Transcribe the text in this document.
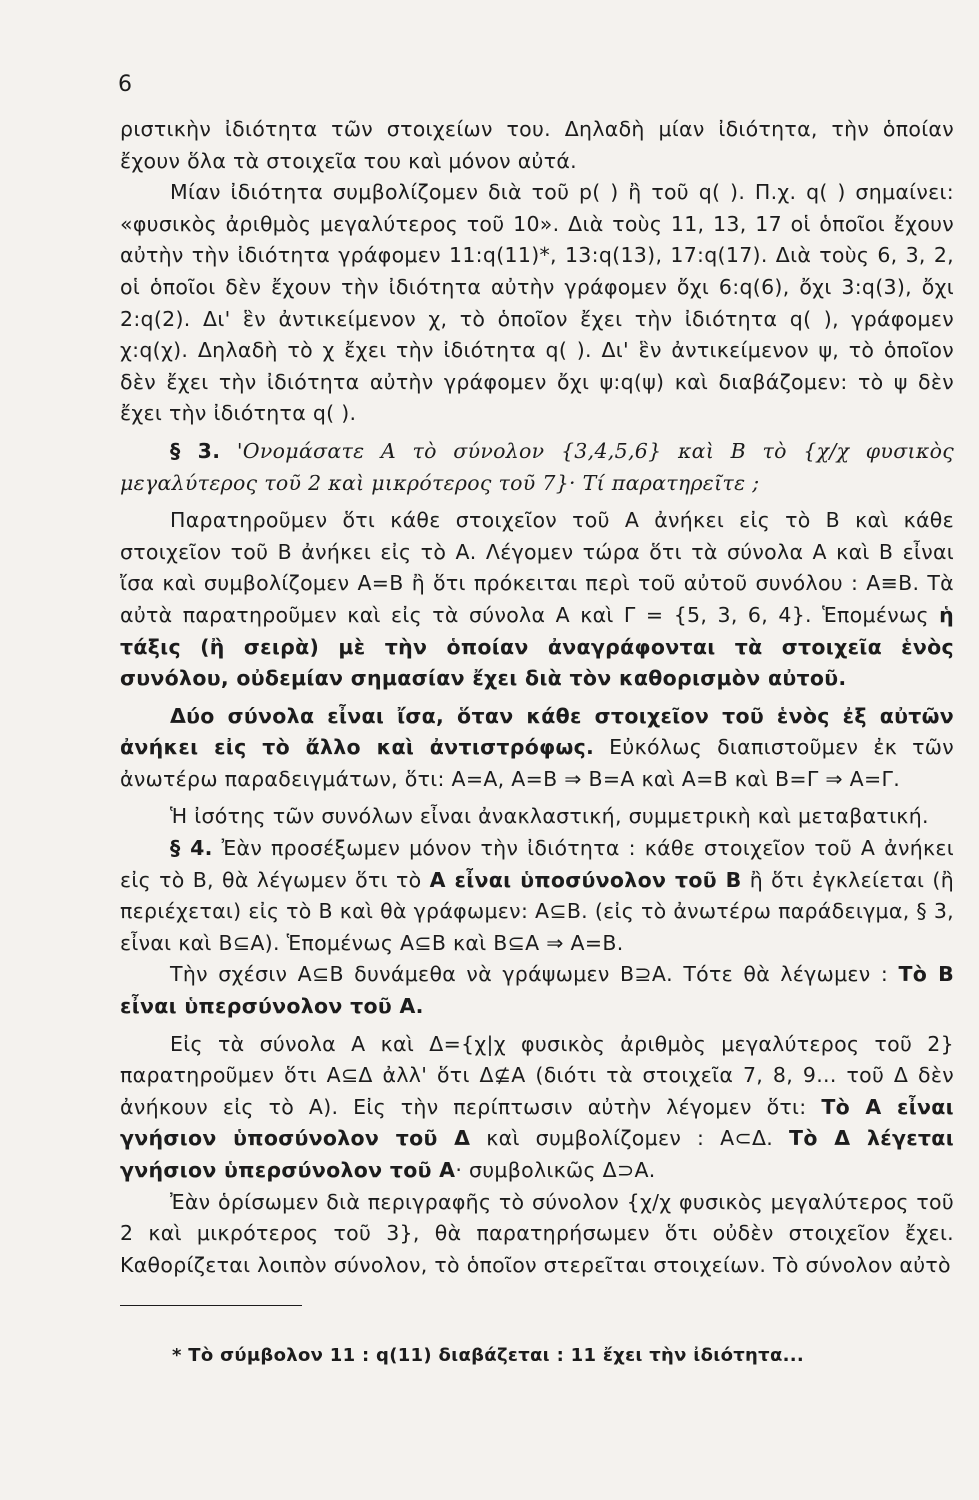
6

ριστικὴν ἰδιότητα τῶν στοιχείων του. Δηλαδὴ μίαν ἰδιότητα, τὴν ὁποίαν ἔχουν ὅλα τὰ στοιχεῖα του καὶ μόνον αὐτά.

Μίαν ἰδιότητα συμβολίζομεν διὰ τοῦ p( ) ἢ τοῦ q( ). Π.χ. q( ) σημαίνει: «φυσικὸς ἀριθμὸς μεγαλύτερος τοῦ 10». Διὰ τοὺς 11, 13, 17 οἱ ὁποῖοι ἔχουν αὐτὴν τὴν ἰδιότητα γράφομεν 11:q(11)*, 13:q(13), 17:q(17). Διὰ τοὺς 6, 3, 2, οἱ ὁποῖοι δὲν ἔχουν τὴν ἰδιότητα αὐτὴν γράφομεν ὄχι 6:q(6), ὄχι 3:q(3), ὄχι 2:q(2). Δι' ἓν ἀντικείμενον χ, τὸ ὁποῖον ἔχει τὴν ἰδιότητα q( ), γράφομεν χ:q(χ). Δηλαδὴ τὸ χ ἔχει τὴν ἰδιότητα q( ). Δι' ἓν ἀντικείμενον ψ, τὸ ὁποῖον δὲν ἔχει τὴν ἰδιότητα αὐτὴν γράφομεν ὄχι ψ:q(ψ) καὶ διαβάζομεν: τὸ ψ δὲν ἔχει τὴν ἰδιότητα q( ).

§ 3. 'Ονομάσατε Α τὸ σύνολον {3,4,5,6} καὶ Β τὸ {χ/χ φυσικὸς μεγαλύτερος τοῦ 2 καὶ μικρότερος τοῦ 7}· Τί παρατηρεῖτε ;

Παρατηροῦμεν ὅτι κάθε στοιχεῖον τοῦ Α ἀνήκει εἰς τὸ Β καὶ κάθε στοιχεῖον τοῦ Β ἀνήκει εἰς τὸ Α. Λέγομεν τώρα ὅτι τὰ σύνολα Α καὶ Β εἶναι ἴσα καὶ συμβολίζομεν Α=Β ἢ ὅτι πρόκειται περὶ τοῦ αὐτοῦ συνόλου : Α≡Β. Τὰ αὐτὰ παρατηροῦμεν καὶ εἰς τὰ σύνολα Α καὶ Γ = {5, 3, 6, 4}. Ἑπομένως ἡ τάξις (ἢ σειρὰ) μὲ τὴν ὁποίαν ἀναγράφονται τὰ στοιχεῖα ἑνὸς συνόλου, οὐδεμίαν σημασίαν ἔχει διὰ τὸν καθορισμὸν αὐτοῦ.

Δύο σύνολα εἶναι ἴσα, ὅταν κάθε στοιχεῖον τοῦ ἑνὸς ἐξ αὐτῶν ἀνήκει εἰς τὸ ἄλλο καὶ ἀντιστρόφως. Εὐκόλως διαπιστοῦμεν ἐκ τῶν ἀνωτέρω παραδειγμάτων, ὅτι: Α=Α, Α=Β ⇒ Β=Α καὶ Α=Β καὶ Β=Γ ⇒ Α=Γ.

Ἡ ἰσότης τῶν συνόλων εἶναι ἀνακλαστική, συμμετρικὴ καὶ μεταβατική.

§ 4. Ἐὰν προσέξωμεν μόνον τὴν ἰδιότητα : κάθε στοιχεῖον τοῦ Α ἀνήκει εἰς τὸ Β, θὰ λέγωμεν ὅτι τὸ Α εἶναι ὑποσύνολον τοῦ Β ἢ ὅτι ἐγκλείεται (ἢ περιέχεται) εἰς τὸ Β καὶ θὰ γράφωμεν: Α⊆Β. (εἰς τὸ ἀνωτέρω παράδειγμα, § 3, εἶναι καὶ Β⊆Α). Ἑπομένως Α⊆Β καὶ Β⊆Α ⇒ Α=Β.

Τὴν σχέσιν Α⊆Β δυνάμεθα νὰ γράψωμεν Β⊇Α. Τότε θὰ λέγωμεν : Τὸ Β εἶναι ὑπερσύνολον τοῦ Α.

Εἰς τὰ σύνολα Α καὶ Δ={χ|χ φυσικὸς ἀριθμὸς μεγαλύτερος τοῦ 2} παρατηροῦμεν ὅτι Α⊆Δ ἀλλ' ὅτι Δ⊈Α (διότι τὰ στοιχεῖα 7, 8, 9... τοῦ Δ δὲν ἀνήκουν εἰς τὸ Α). Εἰς τὴν περίπτωσιν αὐτὴν λέγομεν ὅτι: Τὸ Α εἶναι γνήσιον ὑποσύνολον τοῦ Δ καὶ συμβολίζομεν : Α⊂Δ. Τὸ Δ λέγεται γνήσιον ὑπερσύνολον τοῦ Α· συμβολικῶς Δ⊃Α.

Ἐὰν ὁρίσωμεν διὰ περιγραφῆς τὸ σύνολον {χ/χ φυσικὸς μεγαλύτερος τοῦ 2 καὶ μικρότερος τοῦ 3}, θὰ παρατηρήσωμεν ὅτι οὐδὲν στοιχεῖον ἔχει. Καθορίζεται λοιπὸν σύνολον, τὸ ὁποῖον στερεῖται στοιχείων. Τὸ σύνολον αὐτὸ

* Τὸ σύμβολον 11 : q(11) διαβάζεται : 11 ἔχει τὴν ἰδιότητα...
